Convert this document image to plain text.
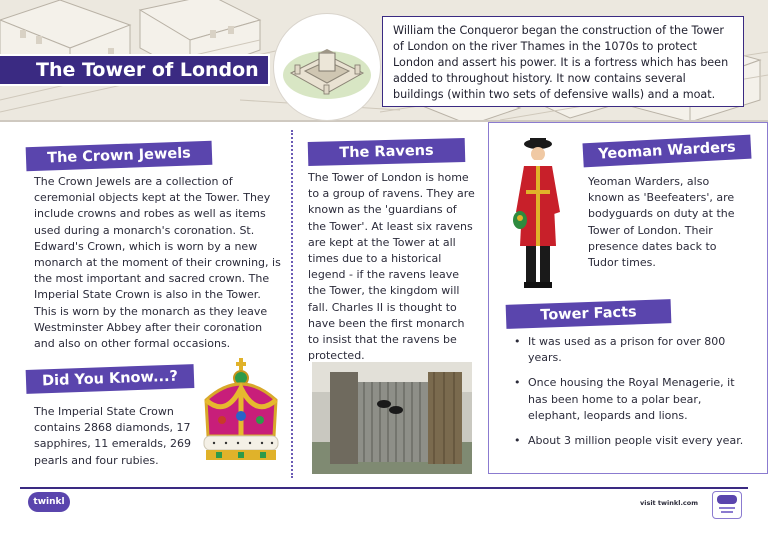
The Tower of London
William the Conqueror began the construction of the Tower of London on the river Thames in the 1070s to protect London and assert his power. It is a fortress which has been added to throughout history. It now contains several buildings (within two sets of defensive walls) and a moat.
The Crown Jewels
The Crown Jewels are a collection of ceremonial objects kept at the Tower. They include crowns and robes as well as items used during a monarch's coronation. St. Edward's Crown, which is worn by a new monarch at the moment of their crowning, is the most important and sacred crown. The Imperial State Crown is also in the Tower. This is worn by the monarch as they leave Westminster Abbey after their coronation and also on other formal occasions.
Did You Know...?
The Imperial State Crown contains 2868 diamonds, 17 sapphires, 11 emeralds, 269 pearls and four rubies.
The Ravens
The Tower of London is home to a group of ravens. They are known as the 'guardians of the Tower'. At least six ravens are kept at the Tower at all times due to a historical legend - if the ravens leave the Tower, the kingdom will fall. Charles II is thought to have been the first monarch to insist that the ravens be protected.
Yeoman Warders
Yeoman Warders, also known as 'Beefeaters', are bodyguards on duty at the Tower of London. Their presence dates back to Tudor times.
Tower Facts
• It was used as a prison for over 800 years.
• Once housing the Royal Menagerie, it has been home to a polar bear, elephant, leopards and lions.
• About 3 million people visit every year.
twinkl	visit twinkl.com
